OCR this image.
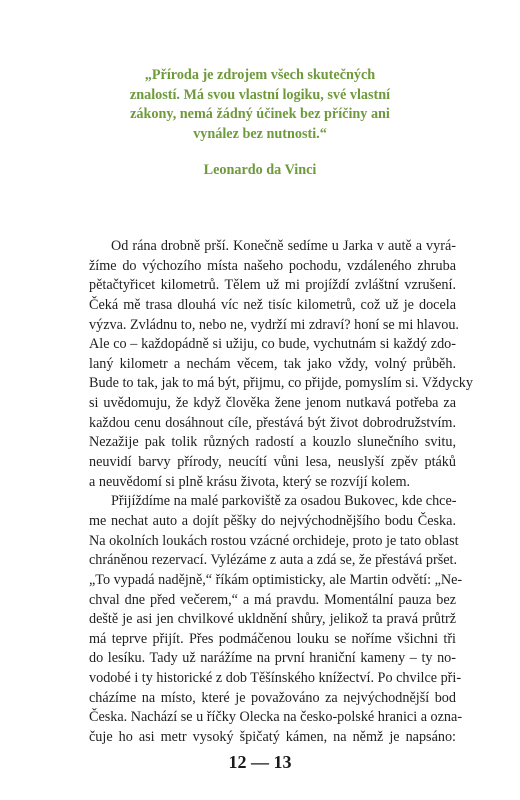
„Příroda je zdrojem všech skutečných
znalostí. Má svou vlastní logiku, své vlastní
zákony, nemá žádný účinek bez příčiny ani
vynález bez nutnosti.“
Leonardo da Vinci
Od rána drobně prší. Konečně sedíme u Jarka v autě a vyrá-
žíme do výchozího místa našeho pochodu, vzdáleného zhruba
pětačtyřicet kilometrů. Tělem už mi projíždí zvláštní vzrušení.
Čeká mě trasa dlouhá víc než tisíc kilometrů, což už je docela
výzva. Zvládnu to, nebo ne, vydrží mi zdraví? honí se mi hlavou.
Ale co – každopádně si užiju, co bude, vychutnám si každý zdo-
laný kilometr a nechám věcem, tak jako vždy, volný průběh.
Bude to tak, jak to má být, přijmu, co přijde, pomyslím si. Vždycky
si uvědomuju, že když člověka žene jenom nutkavá potřeba za
každou cenu dosáhnout cíle, přestává být život dobrodružstvím.
Nezažije pak tolik různých radostí a kouzlo slunečního svitu,
neuvidí barvy přírody, neucítí vůni lesa, neuslyší zpěv ptáků
a neuvědomí si plně krásu života, který se rozvíjí kolem.
Přijíždíme na malé parkoviště za osadou Bukovec, kde chce-
me nechat auto a dojít pěšky do nejvýchodnějšího bodu Česka.
Na okolních loukách rostou vzácné orchideje, proto je tato oblast
chráněnou rezervací. Vylézáme z auta a zdá se, že přestává pršet.
„To vypadá nadějně,“ říkám optimisticky, ale Martin odvětí: „Ne-
chval dne před večerem,“ a má pravdu. Momentální pauza bez
deště je asi jen chvilkové ukldnění shůry, jelikož ta pravá průtrž
má teprve přijít. Přes podmáčenou louku se noříme všichni tři
do lesíku. Tady už narážíme na první hraniční kameny – ty no-
vodobé i ty historické z dob Těšínského knížectví. Po chvilce při-
cházíme na místo, které je považováno za nejvýchodnější bod
Česka. Nachází se u říčky Olecka na česko-polské hranici a ozna-
čuje ho asi metr vysoký špičatý kámen, na němž je napsáno:
12 — 13
